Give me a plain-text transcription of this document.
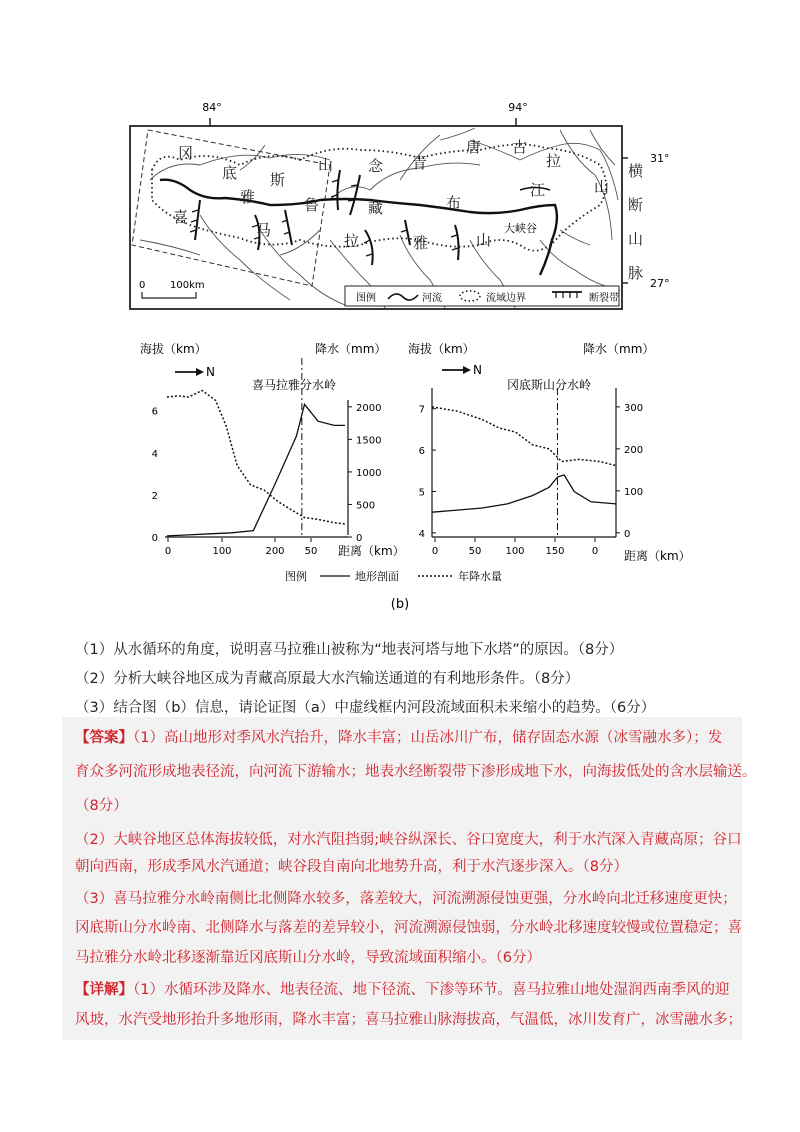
84°	94°
31°
27°
冈
底 斯
山 念 青
唐 古
拉
山
横
断
山
脉
雅	鲁	藏	布
江
喜
马
拉	雅	山
大峡谷
0 100km
图例	河流	流域边界	断裂带
海拔（km）	降水（mm）
N
喜马拉雅分水岭
0
2
4
6
0
500
1000
1500
2000
0	100	200 50 距离（km）
海拔（km）	降水（mm）
N
冈底斯山分水岭
4
5
6
7
0
100
200
300
0	50 100 150	0 距离（km）
图例	地形剖面	年降水量
(b)
（1）从水循环的角度，说明喜马拉雅山被称为“地表河塔与地下水塔”的原因。（8分）
（2）分析大峡谷地区成为青藏高原最大水汽输送通道的有利地形条件。（8分）
（3）结合图（b）信息，请论证图（a）中虚线框内河段流域面积未来缩小的趋势。（6分）
【答案】（1）高山地形对季风水汽抬升，降水丰富；山岳冰川广布，储存固态水源（冰雪融水多）；发
育众多河流形成地表径流，向河流下游输水；地表水经断裂带下渗形成地下水，向海拔低处的含水层输送。
（8分）
（2）大峡谷地区总体海拔较低，对水汽阻挡弱;峡谷纵深长、谷口宽度大，利于水汽深入青藏高原；谷口
朝向西南，形成季风水汽通道；峡谷段自南向北地势升高，利于水汽逐步深入。（8分）
（3）喜马拉雅分水岭南侧比北侧降水较多，落差较大，河流溯源侵蚀更强，分水岭向北迁移速度更快；
冈底斯山分水岭南、北侧降水与落差的差异较小，河流溯源侵蚀弱，分水岭北移速度较慢或位置稳定；喜
马拉雅分水岭北移逐渐靠近冈底斯山分水岭，导致流域面积缩小。（6分）
【详解】（1）水循环涉及降水、地表径流、地下径流、下渗等环节。喜马拉雅山地处湿润西南季风的迎
风坡，水汽受地形抬升多地形雨，降水丰富；喜马拉雅山脉海拔高，气温低，冰川发育广，冰雪融水多；
